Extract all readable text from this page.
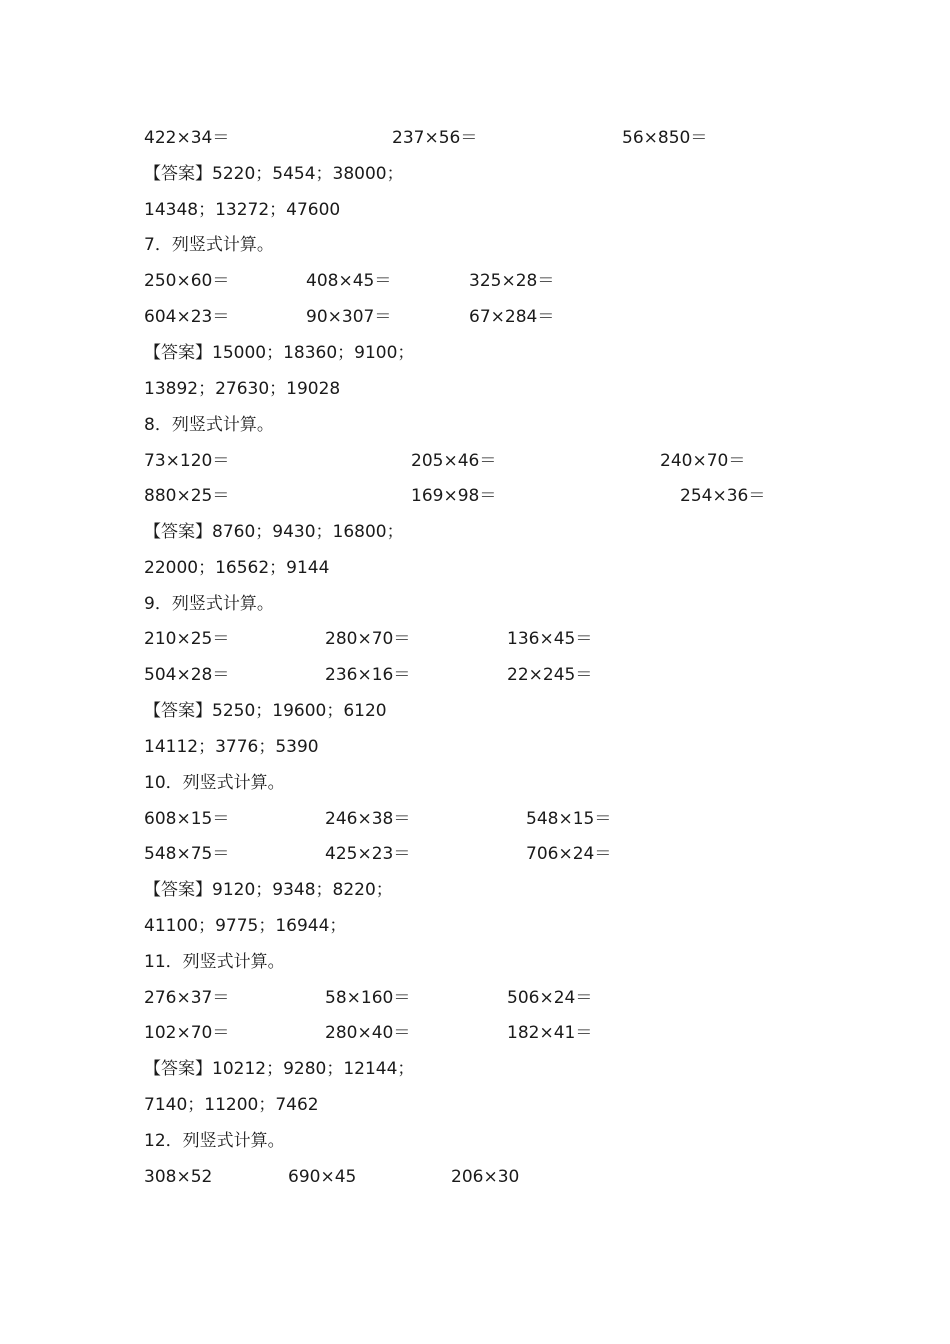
422×34＝	237×56＝	56×850＝
【答案】5220；5454；38000；
14348；13272；47600
7．列竖式计算。
250×60＝	408×45＝	325×28＝
604×23＝	90×307＝	67×284＝
【答案】15000；18360；9100；
13892；27630；19028
8．列竖式计算。
73×120＝	205×46＝	240×70＝
880×25＝	169×98＝	254×36＝
【答案】8760；9430；16800；
22000；16562；9144
9．列竖式计算。
210×25＝	280×70＝	136×45＝
504×28＝	236×16＝	22×245＝
【答案】5250；19600；6120
14112；3776；5390
10．列竖式计算。
608×15＝	246×38＝	548×15＝
548×75＝	425×23＝	706×24＝
【答案】9120；9348；8220；
41100；9775；16944；
11．列竖式计算。
276×37＝	58×160＝	506×24＝
102×70＝	280×40＝	182×41＝
【答案】10212；9280；12144；
7140；11200；7462
12．列竖式计算。
308×52	690×45	206×30
